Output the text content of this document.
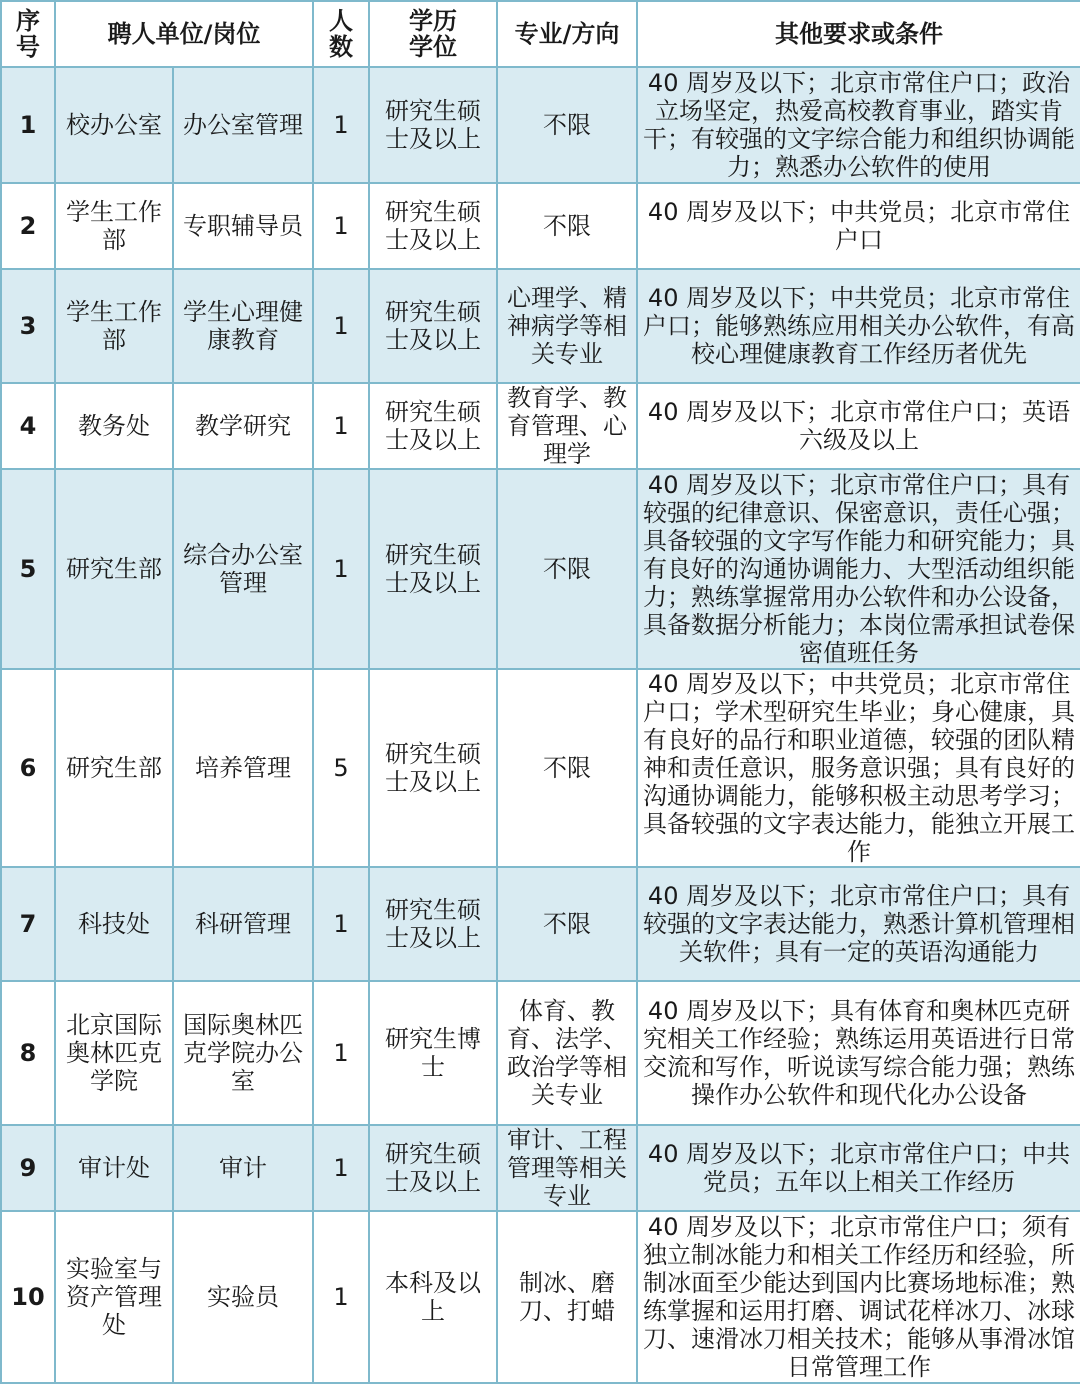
序号	聘人单位/岗位		人数	学历学位	专业/方向	其他要求或条件
1	校办公室	办公室管理	1	研究生硕士及以上	不限	40 周岁及以下；北京市常住户口；政治立场坚定，热爱高校教育事业，踏实肯干；有较强的文字综合能力和组织协调能力；熟悉办公软件的使用
2	学生工作部	专职辅导员	1	研究生硕士及以上	不限	40 周岁及以下；中共党员；北京市常住户口
3	学生工作部	学生心理健康教育	1	研究生硕士及以上	心理学、精神病学等相关专业	40 周岁及以下；中共党员；北京市常住户口；能够熟练应用相关办公软件，有高校心理健康教育工作经历者优先
4	教务处	教学研究	1	研究生硕士及以上	教育学、教育管理、心理学	40 周岁及以下；北京市常住户口；英语六级及以上
5	研究生部	综合办公室管理	1	研究生硕士及以上	不限	40 周岁及以下；北京市常住户口；具有较强的纪律意识、保密意识，责任心强；具备较强的文字写作能力和研究能力；具有良好的沟通协调能力、大型活动组织能力；熟练掌握常用办公软件和办公设备，具备数据分析能力；本岗位需承担试卷保密值班任务
6	研究生部	培养管理	5	研究生硕士及以上	不限	40 周岁及以下；中共党员；北京市常住户口；学术型研究生毕业；身心健康，具有良好的品行和职业道德，较强的团队精神和责任意识，服务意识强；具有良好的沟通协调能力，能够积极主动思考学习；具备较强的文字表达能力，能独立开展工作
7	科技处	科研管理	1	研究生硕士及以上	不限	40 周岁及以下；北京市常住户口；具有较强的文字表达能力，熟悉计算机管理相关软件；具有一定的英语沟通能力
8	北京国际奥林匹克学院	国际奥林匹克学院办公室	1	研究生博士	体育、教育、法学、政治学等相关专业	40 周岁及以下；具有体育和奥林匹克研究相关工作经验；熟练运用英语进行日常交流和写作，听说读写综合能力强；熟练操作办公软件和现代化办公设备
9	审计处	审计	1	研究生硕士及以上	审计、工程管理等相关专业	40 周岁及以下；北京市常住户口；中共党员；五年以上相关工作经历
10	实验室与资产管理处	实验员	1	本科及以上	制冰、磨刀、打蜡	40 周岁及以下；北京市常住户口；须有独立制冰能力和相关工作经历和经验，所制冰面至少能达到国内比赛场地标准；熟练掌握和运用打磨、调试花样冰刀、冰球刀、速滑冰刀相关技术；能够从事滑冰馆日常管理工作
